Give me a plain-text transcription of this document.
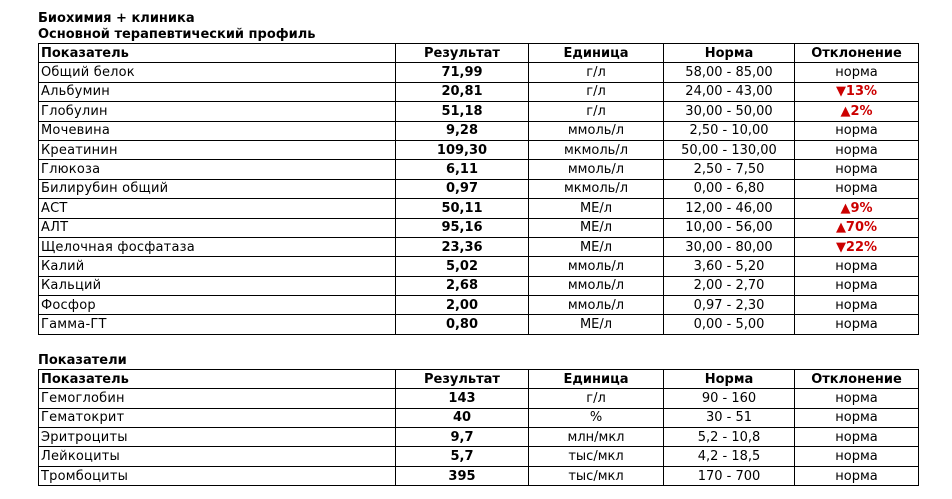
Биохимия + клиника
Основной терапевтический профиль
Показатель	Результат	Единица	Норма	Отклонение
Общий белок	71,99	г/л	58,00 - 85,00	норма
Альбумин	20,81	г/л	24,00 - 43,00	▼13%
Глобулин	51,18	г/л	30,00 - 50,00	▲2%
Мочевина	9,28	ммоль/л	2,50 - 10,00	норма
Креатинин	109,30	мкмоль/л	50,00 - 130,00	норма
Глюкоза	6,11	ммоль/л	2,50 - 7,50	норма
Билирубин общий	0,97	мкмоль/л	0,00 - 6,80	норма
АСТ	50,11	МЕ/л	12,00 - 46,00	▲9%
АЛТ	95,16	МЕ/л	10,00 - 56,00	▲70%
Щелочная фосфатаза	23,36	МЕ/л	30,00 - 80,00	▼22%
Калий	5,02	ммоль/л	3,60 - 5,20	норма
Кальций	2,68	ммоль/л	2,00 - 2,70	норма
Фосфор	2,00	ммоль/л	0,97 - 2,30	норма
Гамма-ГТ	0,80	МЕ/л	0,00 - 5,00	норма
Показатели
Показатель	Результат	Единица	Норма	Отклонение
Гемоглобин	143	г/л	90 - 160	норма
Гематокрит	40	%	30 - 51	норма
Эритроциты	9,7	млн/мкл	5,2 - 10,8	норма
Лейкоциты	5,7	тыс/мкл	4,2 - 18,5	норма
Тромбоциты	395	тыс/мкл	170 - 700	норма
